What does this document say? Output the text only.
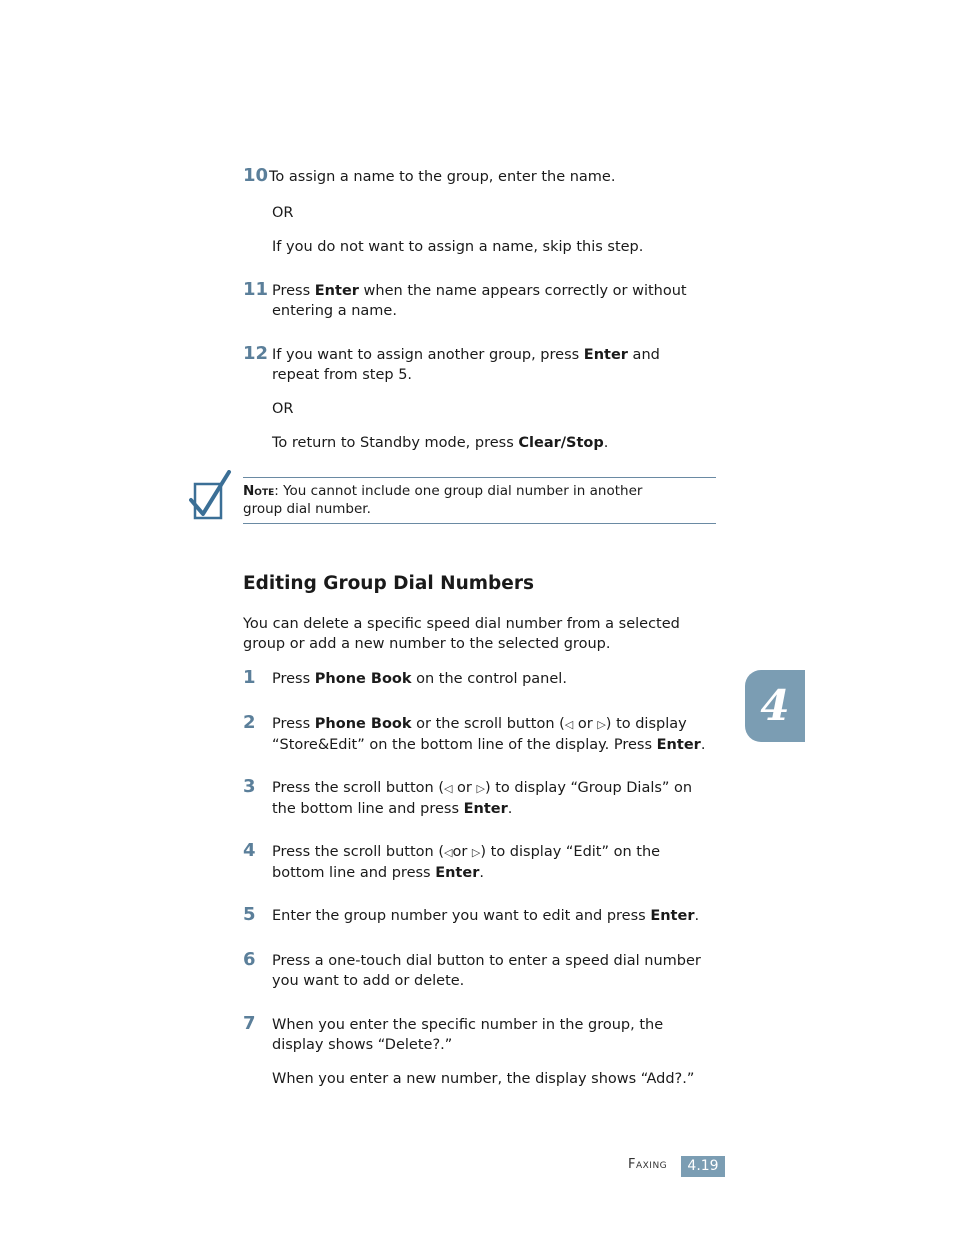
10 To assign a name to the group, enter the name.
OR
If you do not want to assign a name, skip this step.
11 Press Enter when the name appears correctly or without
entering a name.
12 If you want to assign another group, press Enter and
repeat from step 5.
OR
To return to Standby mode, press Clear/Stop.
Note: You cannot include one group dial number in another
group dial number.
Editing Group Dial Numbers
You can delete a specific speed dial number from a selected
group or add a new number to the selected group.
1 Press Phone Book on the control panel.
2 Press Phone Book or the scroll button (◁ or ▷) to display
“Store&Edit” on the bottom line of the display. Press Enter.
3 Press the scroll button (◁ or ▷) to display “Group Dials” on
the bottom line and press Enter.
4 Press the scroll button (◁or ▷) to display “Edit” on the
bottom line and press Enter.
5 Enter the group number you want to edit and press Enter.
6 Press a one-touch dial button to enter a speed dial number
you want to add or delete.
7 When you enter the specific number in the group, the
display shows “Delete?.”
When you enter a new number, the display shows “Add?.”
4
Faxing	4.19
